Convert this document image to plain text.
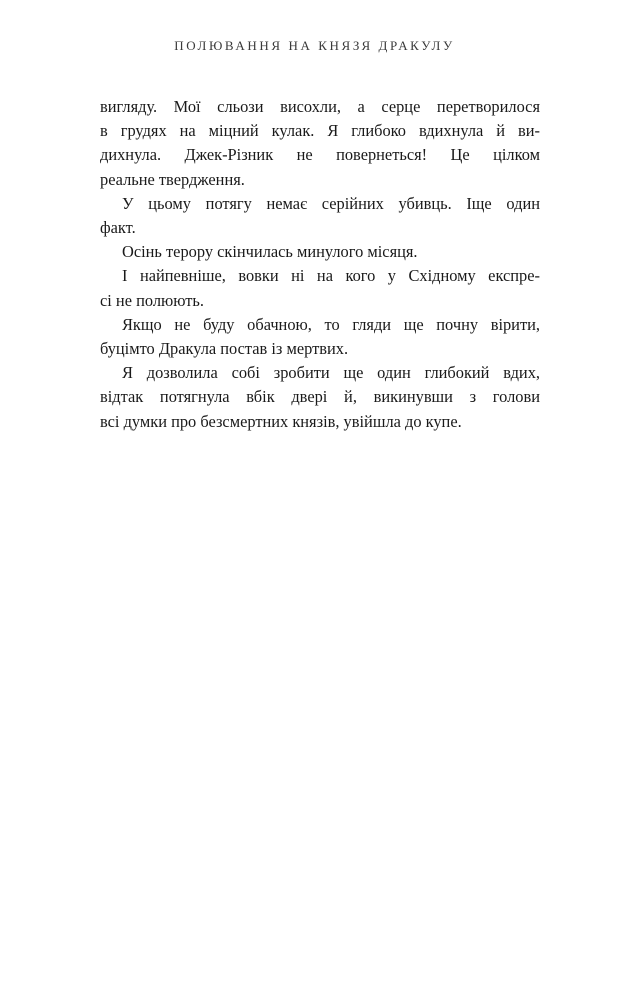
ПОЛЮВАННЯ НА КНЯЗЯ ДРАКУЛУ

вигляду. Мої сльози висохли, а серце перетворилося
в грудях на міцний кулак. Я глибоко вдихнула й ви-
дихнула. Джек-Різник не повернеться! Це цілком
реальне твердження.

У цьому потягу немає серійних убивць. Іще один
факт.

Осінь терору скінчилась минулого місяця.

І найпевніше, вовки ні на кого у Східному експре-
сі не полюють.

Якщо не буду обачною, то гляди ще почну вірити,
буцімто Дракула постав із мертвих.

Я дозволила собі зробити ще один глибокий вдих,
відтак потягнула вбік двері й, викинувши з голови
всі думки про безсмертних князів, увійшла до купе.
